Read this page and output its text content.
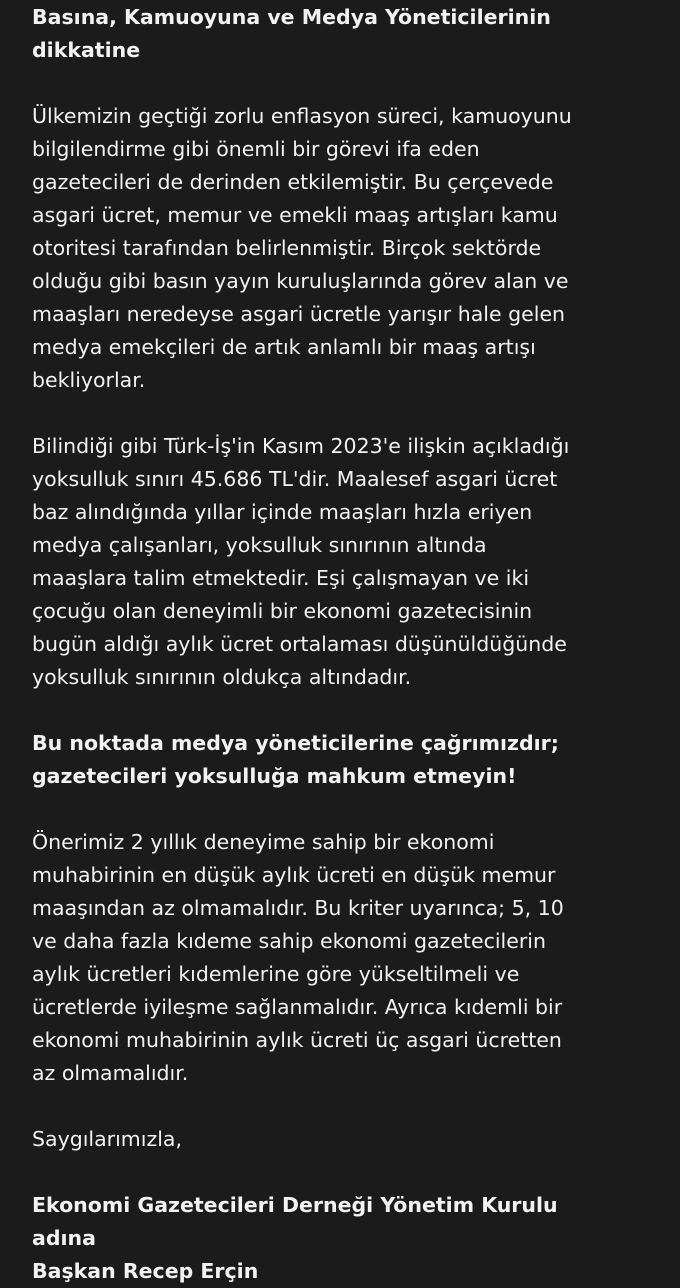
Basına, Kamuoyuna ve Medya Yöneticilerinin
dikkatine
Ülkemizin geçtiği zorlu enflasyon süreci, kamuoyunu
bilgilendirme gibi önemli bir görevi ifa eden
gazetecileri de derinden etkilemiştir. Bu çerçevede
asgari ücret, memur ve emekli maaş artışları kamu
otoritesi tarafından belirlenmiştir. Birçok sektörde
olduğu gibi basın yayın kuruluşlarında görev alan ve
maaşları neredeyse asgari ücretle yarışır hale gelen
medya emekçileri de artık anlamlı bir maaş artışı
bekliyorlar.
Bilindiği gibi Türk-İş'in Kasım 2023'e ilişkin açıkladığı
yoksulluk sınırı 45.686 TL'dir. Maalesef asgari ücret
baz alındığında yıllar içinde maaşları hızla eriyen
medya çalışanları, yoksulluk sınırının altında
maaşlara talim etmektedir. Eşi çalışmayan ve iki
çocuğu olan deneyimli bir ekonomi gazetecisinin
bugün aldığı aylık ücret ortalaması düşünüldüğünde
yoksulluk sınırının oldukça altındadır.
Bu noktada medya yöneticilerine çağrımızdır;
gazetecileri yoksulluğa mahkum etmeyin!
Önerimiz 2 yıllık deneyime sahip bir ekonomi
muhabirinin en düşük aylık ücreti en düşük memur
maaşından az olmamalıdır. Bu kriter uyarınca; 5, 10
ve daha fazla kıdeme sahip ekonomi gazetecilerin
aylık ücretleri kıdemlerine göre yükseltilmeli ve
ücretlerde iyileşme sağlanmalıdır. Ayrıca kıdemli bir
ekonomi muhabirinin aylık ücreti üç asgari ücretten
az olmamalıdır.
Saygılarımızla,
Ekonomi Gazetecileri Derneği Yönetim Kurulu
adına
Başkan Recep Erçin
